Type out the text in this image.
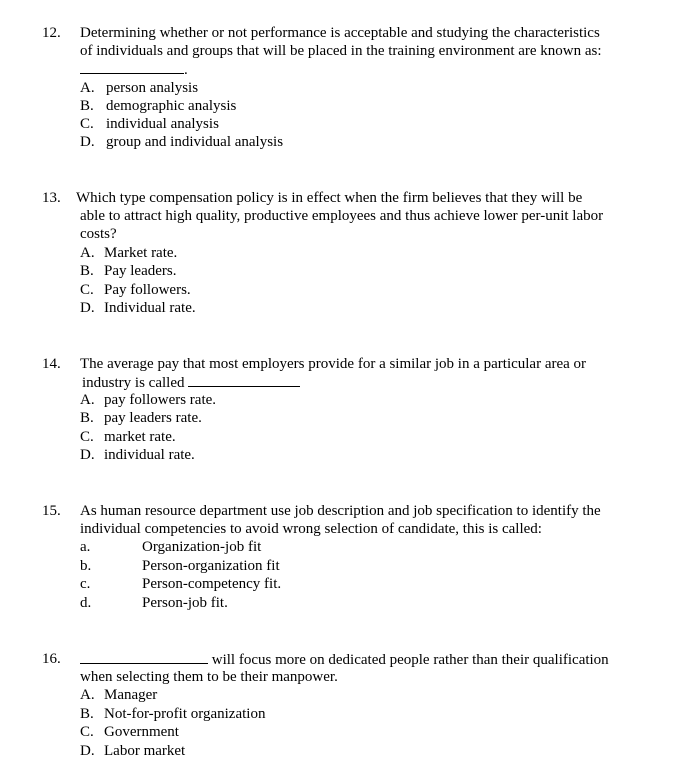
12. Determining whether or not performance is acceptable and studying the characteristics
of individuals and groups that will be placed in the training environment are known as:
.
A. person analysis
B. demographic analysis
C. individual analysis
D. group and individual analysis
13. Which type compensation policy is in effect when the firm believes that they will be
able to attract high quality, productive employees and thus achieve lower per-unit labor
costs?
A. Market rate.
B. Pay leaders.
C. Pay followers.
D. Individual rate.
14. The average pay that most employers provide for a similar job in a particular area or
industry is called
A. pay followers rate.
B. pay leaders rate.
C. market rate.
D. individual rate.
15. As human resource department use job description and job specification to identify the
individual competencies to avoid wrong selection of candidate, this is called:
a.	Organization-job fit
b.	Person-organization fit
c.	Person-competency fit.
d.	Person-job fit.
16.	will focus more on dedicated people rather than their qualification
when selecting them to be their manpower.
A. Manager
B. Not-for-profit organization
C. Government
D. Labor market
